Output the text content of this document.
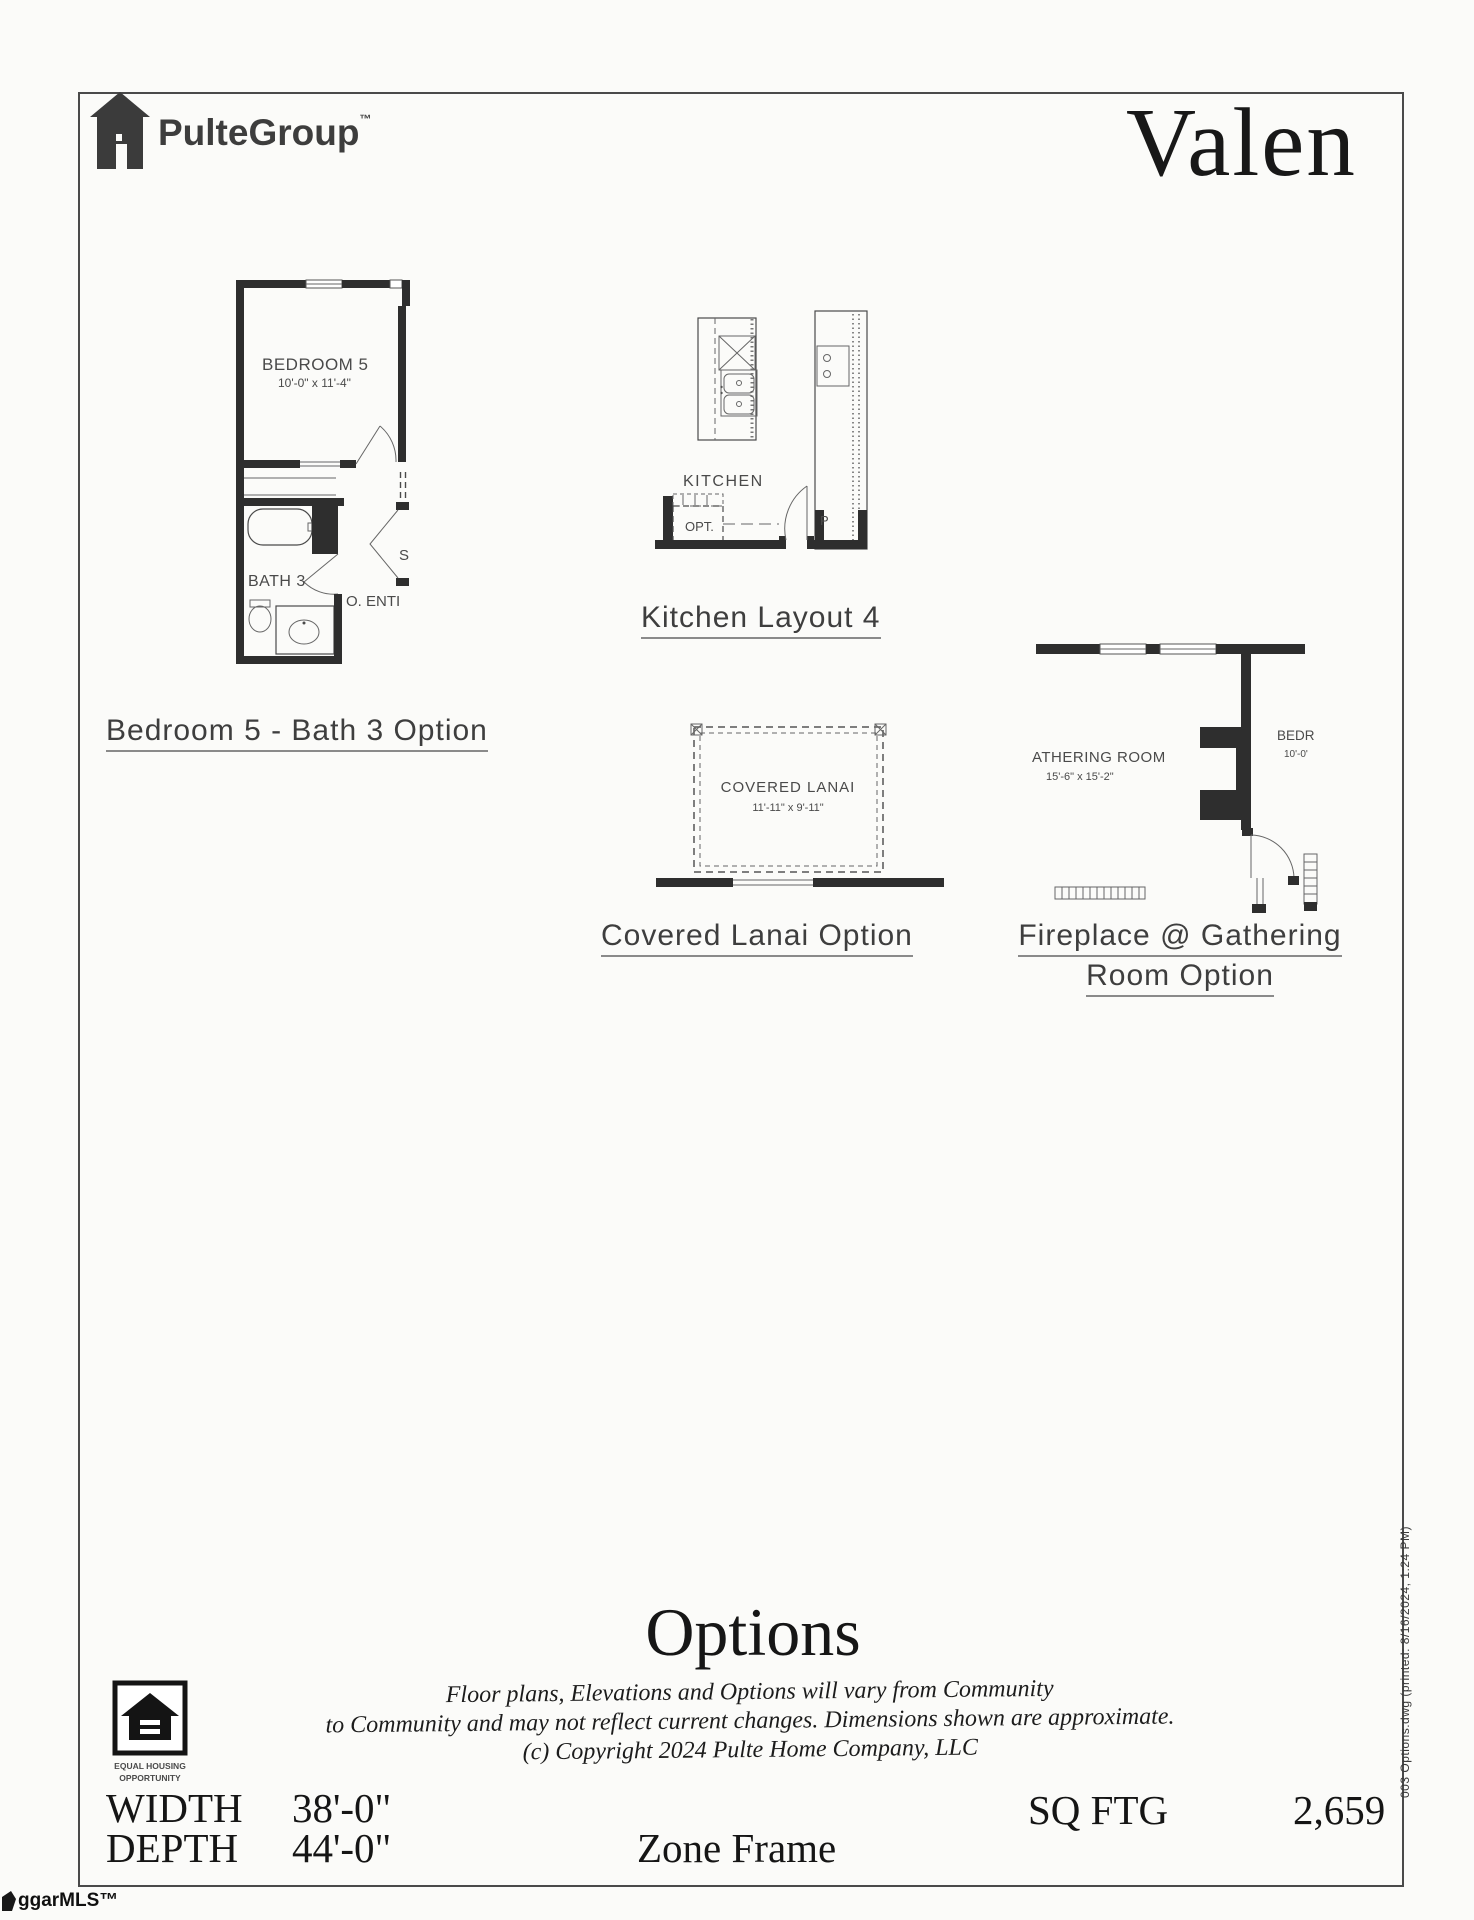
PulteGroup™	Valen
BEDROOM 5
10'-0" x 11'-4"
BATH 3
O. ENTI
S
Bedroom 5 - Bath 3 Option
KITCHEN
OPT.	P
Kitchen Layout 4
COVERED LANAI
11'-11" x 9'-11"
Covered Lanai Option
ATHERING ROOM
15'-6" x 15'-2"
BEDR
10'-0'
Fireplace @ Gathering
Room Option
Options
Floor plans, Elevations and Options will vary from Community
to Community and may not reflect current changes. Dimensions shown are approximate.
(c) Copyright 2024 Pulte Home Company, LLC
EQUAL HOUSING
OPPORTUNITY
WIDTH 38'-0"
DEPTH 44'-0"	Zone Frame
SQ FTG	2,659
003 Options.dwg (printed: 8/16/2024, 1:24 PM)
ggarMLS™
